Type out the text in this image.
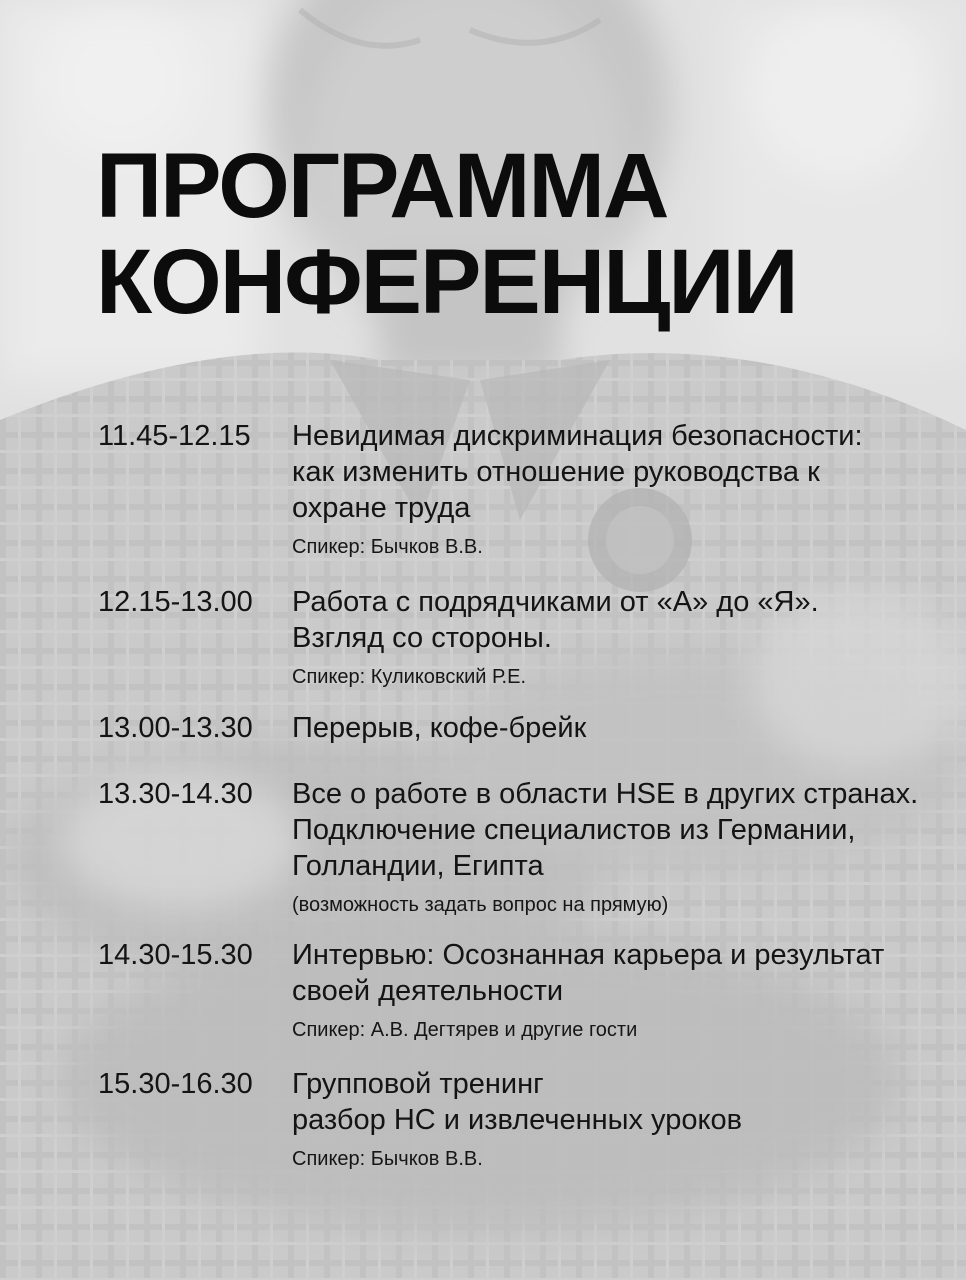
ПРОГРАММА
КОНФЕРЕНЦИИ
11.45-12.15	Невидимая дискриминация безопасности:
как изменить отношение руководства к
охране труда
Спикер: Бычков В.В.
12.15-13.00	Работа с подрядчиками от «А» до «Я».
Взгляд со стороны.
Спикер: Куликовский Р.Е.
13.00-13.30	Перерыв, кофе-брейк
13.30-14.30	Все о работе в области HSE в других странах.
Подключение специалистов из Германии,
Голландии, Египта
(возможность задать вопрос на прямую)
14.30-15.30	Интервью: Осознанная карьера и результат
своей деятельности
Спикер: А.В. Дегтярев и другие гости
15.30-16.30	Групповой тренинг
разбор НС и извлеченных уроков
Спикер: Бычков В.В.
